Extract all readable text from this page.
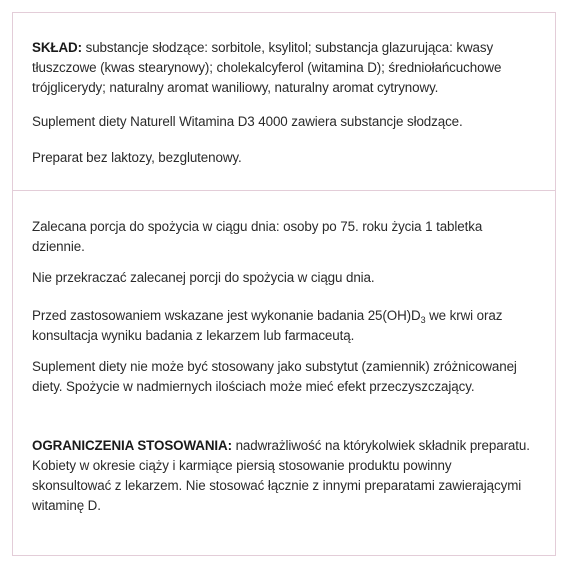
SKŁAD: substancje słodzące: sorbitole, ksylitol; substancja glazurująca: kwasy tłuszczowe (kwas stearynowy); cholekalcyferol (witamina D); średniołańcuchowe trójglicerydy; naturalny aromat waniliowy, naturalny aromat cytrynowy.

Suplement diety Naturell Witamina D3 4000 zawiera substancje słodzące.

Preparat bez laktozy, bezglutenowy.

Zalecana porcja do spożycia w ciągu dnia: osoby po 75. roku życia 1 tabletka dziennie.

Nie przekraczać zalecanej porcji do spożycia w ciągu dnia.

Przed zastosowaniem wskazane jest wykonanie badania $25(OH)D_3$ we krwi oraz konsultacja wyniku badania z lekarzem lub farmaceutą.

Suplement diety nie może być stosowany jako substytut (zamiennik) zróżnicowanej diety. Spożycie w nadmiernych ilościach może mieć efekt przeczyszczający.

OGRANICZENIA STOSOWANIA: nadwrażliwość na którykolwiek składnik preparatu. Kobiety w okresie ciąży i karmiące piersią stosowanie produktu powinny skonsultować z lekarzem. Nie stosować łącznie z innymi preparatami zawierającymi witaminę D.
